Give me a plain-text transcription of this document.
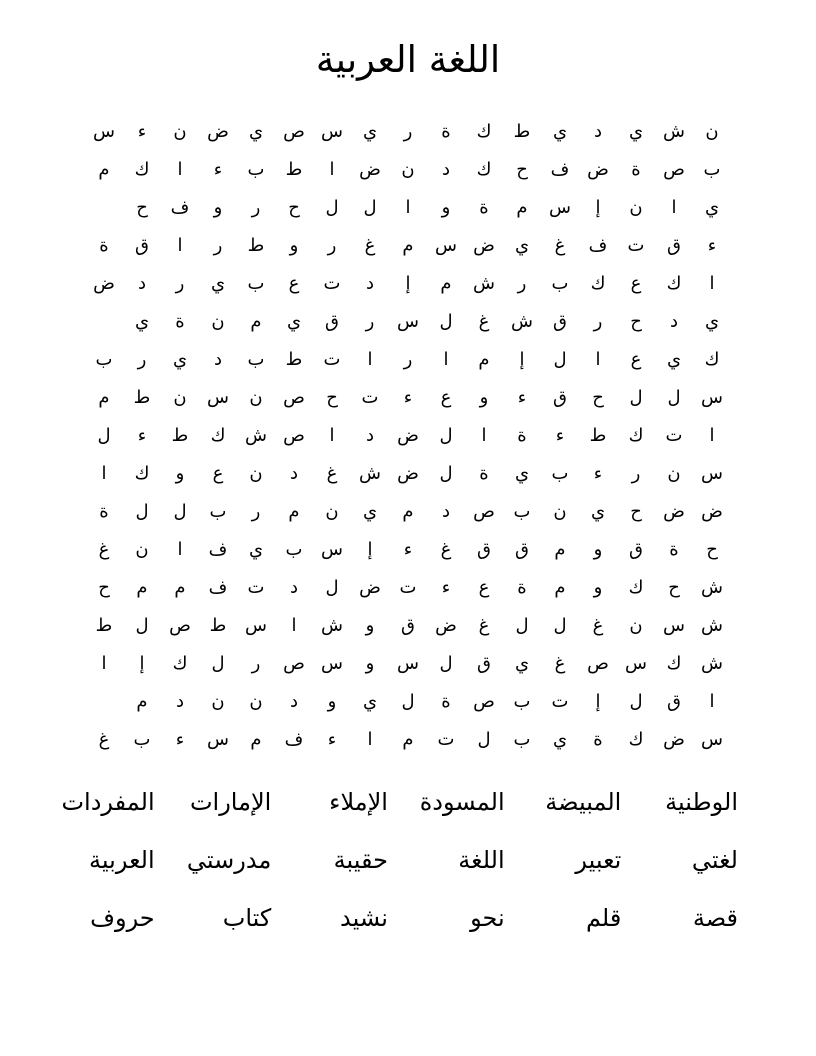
اللغة العربية
ن
ش
ي
د
ي
ط
ك
ة
ر
ي
س
ص
ي
ض
ن
ء
س
ب
ص
ة
ض
ف
ح
ك
د
ن
ض
ا
ط
ب
ء
ا
ك
م
ي
ا
ن
إ
س
م
ة
و
ا
ل
ل
ح
ر
و
ف
ح
ء
ق
ت
ف
غ
ي
ض
س
م
غ
ر
و
ط
ر
ا
ق
ة
ا
ك
ع
ك
ب
ر
ش
م
إ
د
ت
ع
ب
ي
ر
د
ض
ي
د
ح
ر
ق
ش
غ
ل
س
ر
ق
ي
م
ن
ة
ي
ك
ي
ع
ا
ل
إ
م
ا
ر
ا
ت
ط
ب
د
ي
ر
ب
س
ل
ل
ح
ق
ء
و
ع
ء
ت
ح
ص
ن
س
ن
ط
م
ا
ت
ك
ط
ء
ة
ا
ل
ض
د
ا
ص
ش
ك
ط
ء
ل
س
ن
ر
ء
ب
ي
ة
ل
ض
ش
غ
د
ن
ع
و
ك
ا
ض
ض
ح
ي
ن
ب
ص
د
م
ي
ن
م
ر
ب
ل
ل
ة
ح
ة
ق
و
م
ق
ق
غ
ء
إ
س
ب
ي
ف
ا
ن
غ
ش
ح
ك
و
م
ة
ع
ء
ت
ض
ل
د
ت
ف
م
م
ح
ش
س
ن
غ
ل
ل
غ
ض
ق
و
ش
ا
س
ط
ص
ل
ط
ش
ك
س
ص
غ
ي
ق
ل
س
و
س
ص
ر
ل
ك
إ
ا
ا
ق
ل
إ
ت
ب
ص
ة
ل
ي
و
د
ن
ن
د
م
س
ض
ك
ة
ي
ب
ل
ت
م
ا
ء
ف
م
س
ء
ب
غ
الوطنية
المبيضة
المسودة
الإملاء
الإمارات
المفردات
لغتي
تعبير
اللغة
حقيبة
مدرستي
العربية
قصة
قلم
نحو
نشيد
كتاب
حروف
